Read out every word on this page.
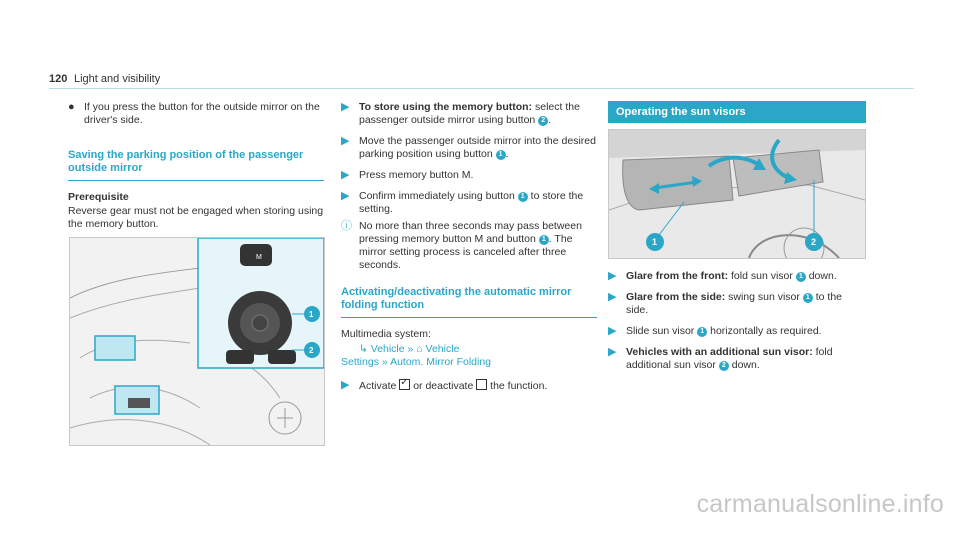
120 Light and visibility
● If you press the button for the outside mirror on the driver's side.
Saving the parking position of the passenger outside mirror
Prerequisite
Reverse gear must not be engaged when storing using the memory button.
M
1
2
▶ To store using the memory button: select the passenger outside mirror using button 2 .
▶ Move the passenger outside mirror into the desired parking position using button 1 .
▶ Press memory button M.
▶ Confirm immediately using button 1 to store the setting.
ⓘ No more than three seconds may pass between pressing memory button M and button 1 . The mirror setting process is canceled after three seconds.
Activating/deactivating the automatic mirror folding function
Multimedia system:
↳ Vehicle » ⌂ Vehicle
Settings » Autom. Mirror Folding
▶ Activate ✓ or deactivate  the function.
Operating the sun visors
1	2
▶ Glare from the front: fold sun visor 1 down.
▶ Glare from the side: swing sun visor 1 to the side.
▶ Slide sun visor 1 horizontally as required.
▶ Vehicles with an additional sun visor: fold additional sun visor 2 down.
carmanualsonline.info
